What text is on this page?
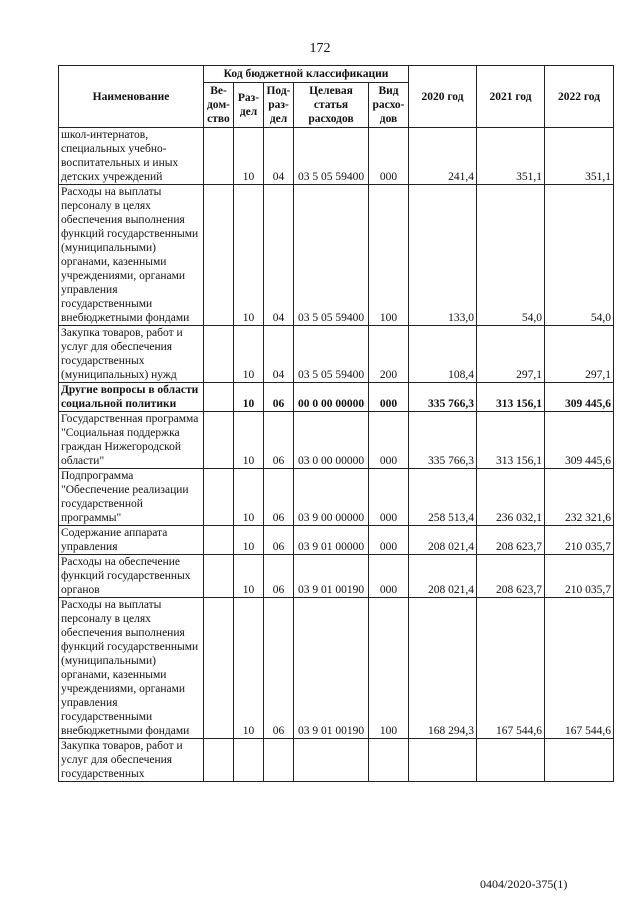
172
Наименование	Код бюджетной классификации					2020 год	2021 год	2022 год
	Ве-дом-ство	Раз-дел	Под-раз-дел	Целевая статья расходов	Вид расхо-дов			
школ-интернатов, специальных учебно-воспитательных и иных детских учреждений		10	04	03 5 05 59400	000	241,4	351,1	351,1
Расходы на выплаты персоналу в целях обеспечения выполнения функций государственными (муниципальными) органами, казенными учреждениями, органами управления государственными внебюджетными фондами		10	04	03 5 05 59400	100	133,0	54,0	54,0
Закупка товаров, работ и услуг для обеспечения государственных (муниципальных) нужд		10	04	03 5 05 59400	200	108,4	297,1	297,1
Другие вопросы в области социальной политики		10	06	00 0 00 00000	000	335 766,3	313 156,1	309 445,6
Государственная программа "Социальная поддержка граждан Нижегородской области"		10	06	03 0 00 00000	000	335 766,3	313 156,1	309 445,6
Подпрограмма "Обеспечение реализации государственной программы"		10	06	03 9 00 00000	000	258 513,4	236 032,1	232 321,6
Содержание аппарата управления		10	06	03 9 01 00000	000	208 021,4	208 623,7	210 035,7
Расходы на обеспечение функций государственных органов		10	06	03 9 01 00190	000	208 021,4	208 623,7	210 035,7
Расходы на выплаты персоналу в целях обеспечения выполнения функций государственными (муниципальными) органами, казенными учреждениями, органами управления государственными внебюджетными фондами		10	06	03 9 01 00190	100	168 294,3	167 544,6	167 544,6
Закупка товаров, работ и услуг для обеспечения государственных								
0404/2020-375(1)
